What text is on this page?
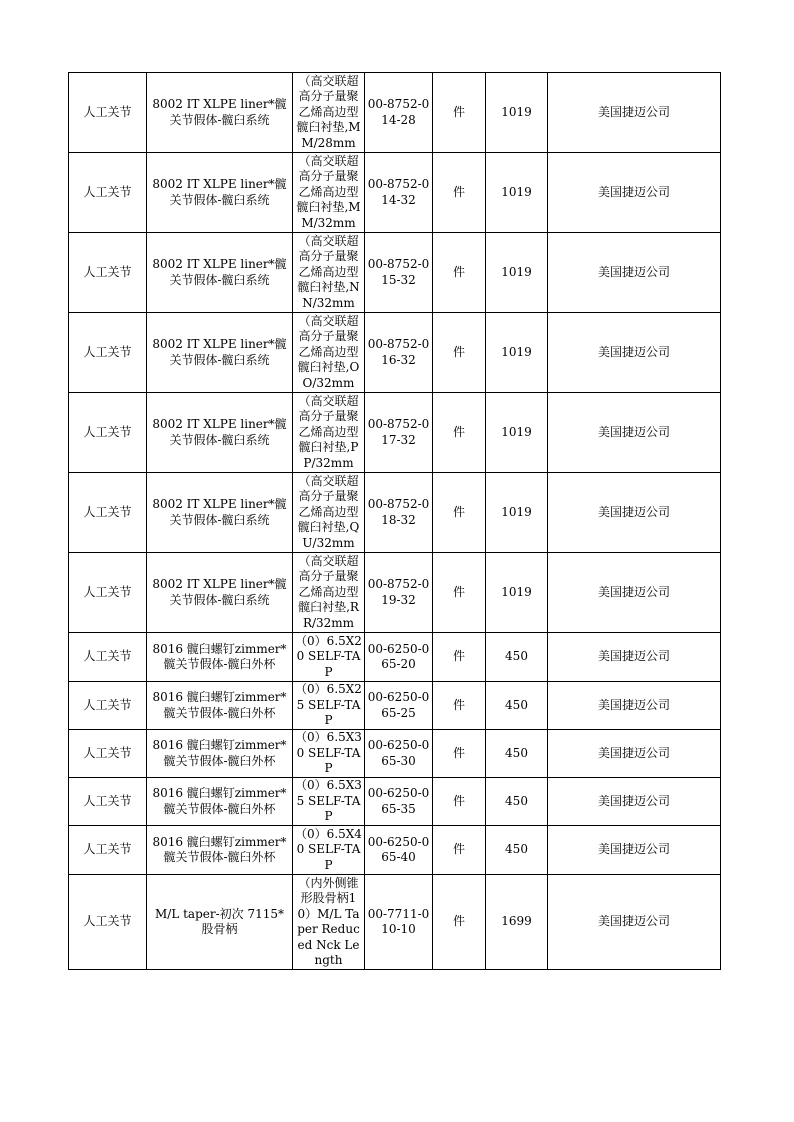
人工关节	8002 IT XLPE liner*髋关节假体-髋臼系统	（高交联超高分子量聚乙烯高边型髋臼衬垫,MM/28mm	00-8752-014-28	件	1019	美国捷迈公司
人工关节	8002 IT XLPE liner*髋关节假体-髋臼系统	（高交联超高分子量聚乙烯高边型髋臼衬垫,MM/32mm	00-8752-014-32	件	1019	美国捷迈公司
人工关节	8002 IT XLPE liner*髋关节假体-髋臼系统	（高交联超高分子量聚乙烯高边型髋臼衬垫,NN/32mm	00-8752-015-32	件	1019	美国捷迈公司
人工关节	8002 IT XLPE liner*髋关节假体-髋臼系统	（高交联超高分子量聚乙烯高边型髋臼衬垫,OO/32mm	00-8752-016-32	件	1019	美国捷迈公司
人工关节	8002 IT XLPE liner*髋关节假体-髋臼系统	（高交联超高分子量聚乙烯高边型髋臼衬垫,PP/32mm	00-8752-017-32	件	1019	美国捷迈公司
人工关节	8002 IT XLPE liner*髋关节假体-髋臼系统	（高交联超高分子量聚乙烯高边型髋臼衬垫,QU/32mm	00-8752-018-32	件	1019	美国捷迈公司
人工关节	8002 IT XLPE liner*髋关节假体-髋臼系统	（高交联超高分子量聚乙烯高边型髋臼衬垫,RR/32mm	00-8752-019-32	件	1019	美国捷迈公司
人工关节	8016 髋臼螺钉zimmer*髋关节假体-髋臼外杯	（0）6.5X20 SELF-TAP	00-6250-065-20	件	450	美国捷迈公司
人工关节	8016 髋臼螺钉zimmer*髋关节假体-髋臼外杯	（0）6.5X25 SELF-TAP	00-6250-065-25	件	450	美国捷迈公司
人工关节	8016 髋臼螺钉zimmer*髋关节假体-髋臼外杯	（0）6.5X30 SELF-TAP	00-6250-065-30	件	450	美国捷迈公司
人工关节	8016 髋臼螺钉zimmer*髋关节假体-髋臼外杯	（0）6.5X35 SELF-TAP	00-6250-065-35	件	450	美国捷迈公司
人工关节	8016 髋臼螺钉zimmer*髋关节假体-髋臼外杯	（0）6.5X40 SELF-TAP	00-6250-065-40	件	450	美国捷迈公司
人工关节	M/L taper-初次 7115*股骨柄	（内外侧锥形股骨柄10）M/L Taper Reduced Nck Length	00-7711-010-10	件	1699	美国捷迈公司
